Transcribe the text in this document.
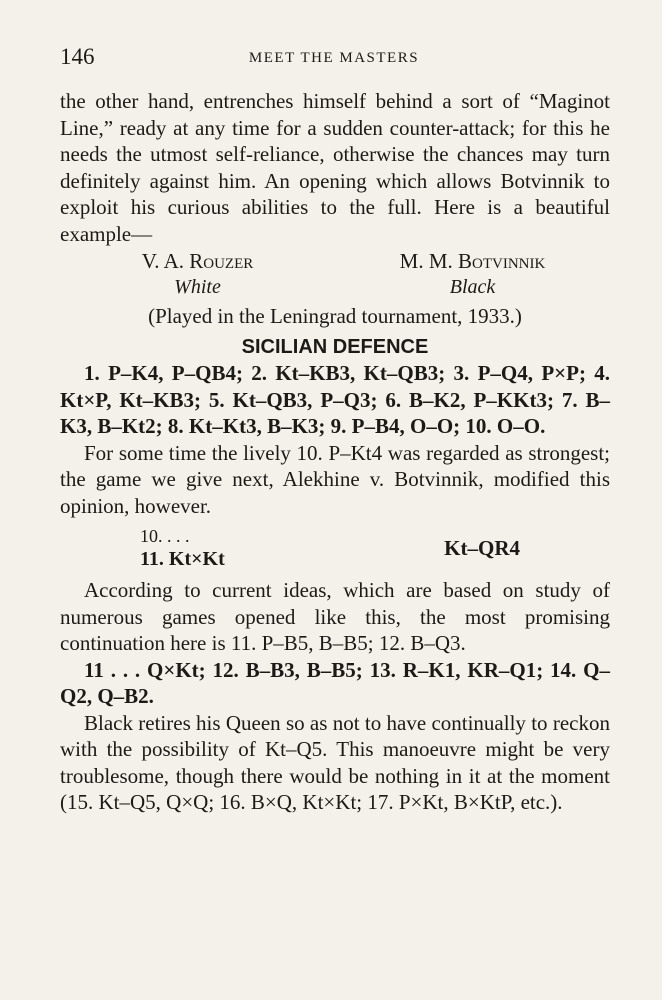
146	MEET THE MASTERS

the other hand, entrenches himself behind a sort of “Maginot Line,” ready at any time for a sudden counter-attack; for this he needs the utmost self-reliance, otherwise the chances may turn definitely against him. An opening which allows Botvinnik to exploit his curious abilities to the full. Here is a beautiful example—

V. A. Rouzer
White
M. M. Botvinnik
Black

(Played in the Leningrad tournament, 1933.)

SICILIAN DEFENCE

1. P–K4, P–QB4; 2. Kt–KB3, Kt–QB3; 3. P–Q4, P×P; 4. Kt×P, Kt–KB3; 5. Kt–QB3, P–Q3; 6. B–K2, P–KKt3; 7. B–K3, B–Kt2; 8. Kt–Kt3, B–K3; 9. P–B4, O–O; 10. O–O.

For some time the lively 10. P–Kt4 was regarded as strongest; the game we give next, Alekhine v. Botvinnik, modified this opinion, however.

10. . . .
11. Kt×Kt	Kt–QR4

According to current ideas, which are based on study of numerous games opened like this, the most promising continuation here is 11. P–B5, B–B5; 12. B–Q3.

11 . . . Q×Kt; 12. B–B3, B–B5; 13. R–K1, KR–Q1; 14. Q–Q2, Q–B2.

Black retires his Queen so as not to have continually to reckon with the possibility of Kt–Q5. This manoeuvre might be very troublesome, though there would be nothing in it at the moment (15. Kt–Q5, Q×Q; 16. B×Q, Kt×Kt; 17. P×Kt, B×KtP, etc.).
